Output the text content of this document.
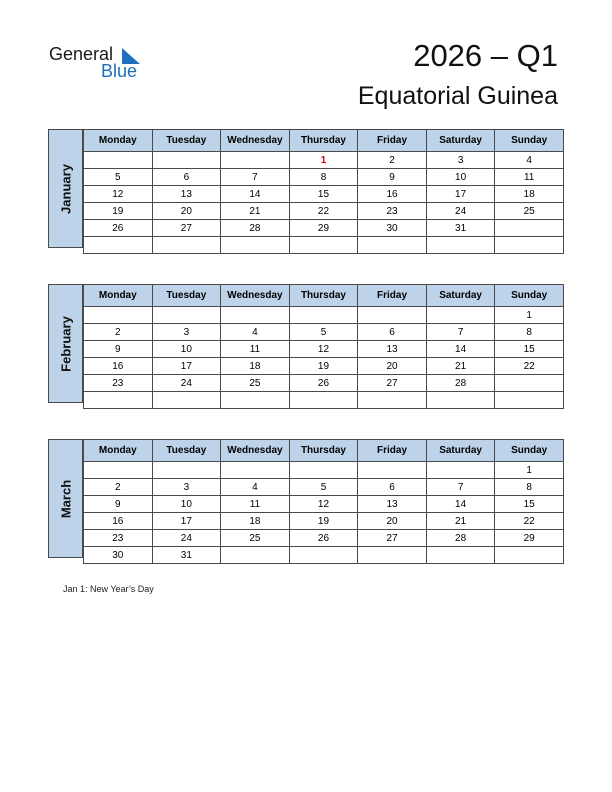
General
Blue	2026 – Q1
Equatorial Guinea
January
Monday	Tuesday	Wednesday	Thursday	Friday	Saturday	Sunday
			1	2	3	4
5	6	7	8	9	10	11
12	13	14	15	16	17	18
19	20	21	22	23	24	25
26	27	28	29	30	31	

February
Monday	Tuesday	Wednesday	Thursday	Friday	Saturday	Sunday
						1
2	3	4	5	6	7	8
9	10	11	12	13	14	15
16	17	18	19	20	21	22
23	24	25	26	27	28	

March
Monday	Tuesday	Wednesday	Thursday	Friday	Saturday	Sunday
						1
2	3	4	5	6	7	8
9	10	11	12	13	14	15
16	17	18	19	20	21	22
23	24	25	26	27	28	29
30	31					
Jan 1: New Year’s Day
